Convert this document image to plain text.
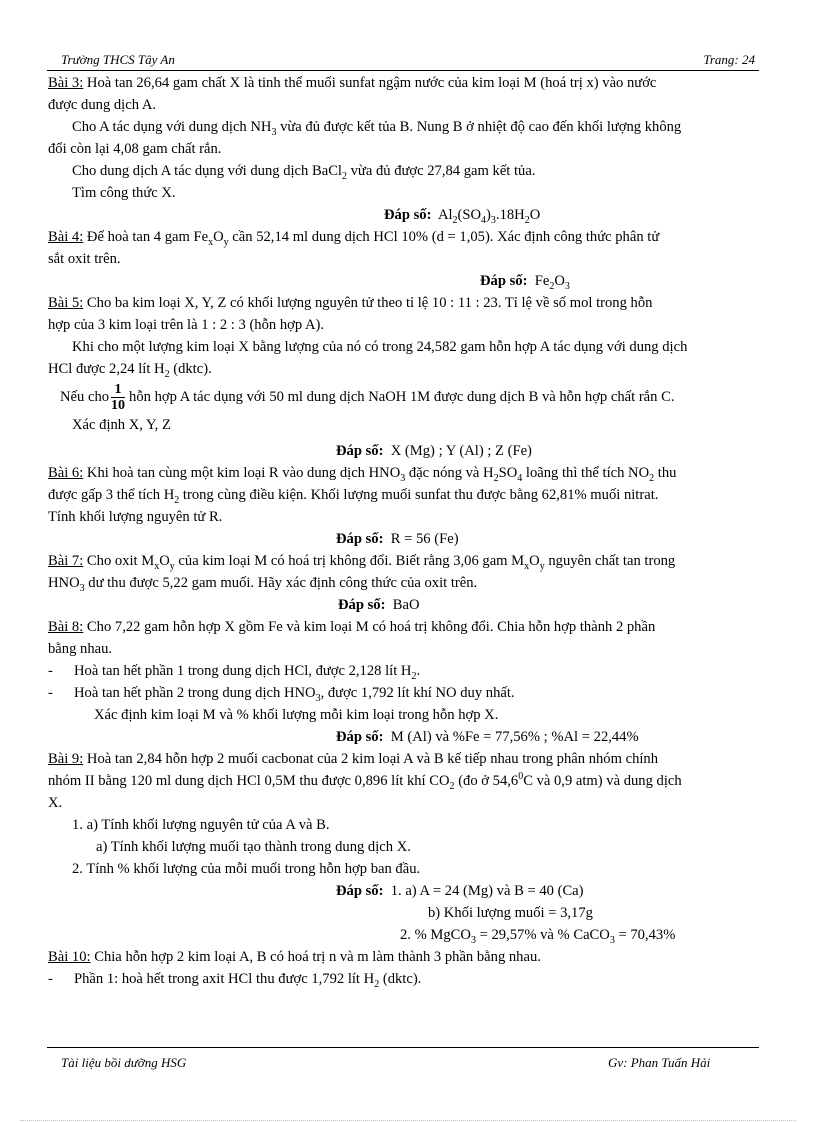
Trường THCS Tây An	Trang: 24

Bài 3: Hoà tan 26,64 gam chất X là tinh thể muối sunfat ngậm nước của kim loại M (hoá trị x) vào nước

được dung dịch A.

Cho A tác dụng với dung dịch $NH_3$ vừa đủ được kết tủa B. Nung B ở nhiệt độ cao đến khối lượng không

đổi còn lại 4,08 gam chất rắn.

Cho dung dịch A tác dụng với dung dịch BaCl$_2$ vừa đủ được 27,84 gam kết tủa.

Tìm công thức X.

Đáp số: $Al_2(SO_4)_3.18H_2O$

Bài 4: Để hoà tan 4 gam $Fe_xO_y$ cần 52,14 ml dung dịch HCl 10% (d = 1,05). Xác định công thức phân tử

sắt oxit trên.

Đáp số: $Fe_2O_3$

Bài 5: Cho ba kim loại X, Y, Z có khối lượng nguyên tử theo tỉ lệ 10 : 11 : 23. Tỉ lệ về số mol trong hỗn

hợp của 3 kim loại trên là 1 : 2 : 3 (hỗn hợp A).

Khi cho một lượng kim loại X bằng lượng của nó có trong 24,582 gam hỗn hợp A tác dụng với dung dịch

HCl được 2,24 lít $H_2$ (dktc).

Nếu cho $\frac{1}{10}$ hỗn hợp A tác dụng với 50 ml dung dịch NaOH 1M được dung dịch B và hỗn hợp chất rắn C.

Xác định X, Y, Z

Đáp số: X (Mg) ; Y (Al) ; Z (Fe)

Bài 6: Khi hoà tan cùng một kim loại R vào dung dịch $HNO_3$ đặc nóng và $H_2SO_4$ loãng thì thể tích $NO_2$ thu

được gấp 3 thể tích $H_2$ trong cùng điều kiện. Khối lượng muối sunfat thu được bằng 62,81% muối nitrat.

Tính khối lượng nguyên tử R.

Đáp số: R = 56 (Fe)

Bài 7: Cho oxit $M_xO_y$ của kim loại M có hoá trị không đổi. Biết rằng 3,06 gam $M_xO_y$ nguyên chất tan trong

$HNO_3$ dư thu được 5,22 gam muối. Hãy xác định công thức của oxit trên.

Đáp số: BaO

Bài 8: Cho 7,22 gam hỗn hợp X gồm Fe và kim loại M có hoá trị không đổi. Chia hỗn hợp thành 2 phần

bằng nhau.

- Hoà tan hết phần 1 trong dung dịch HCl, được 2,128 lít $H_2$.

- Hoà tan hết phần 2 trong dung dịch $HNO_3$, được 1,792 lít khí NO duy nhất.

Xác định kim loại M và % khối lượng mỗi kim loại trong hỗn hợp X.

Đáp số: M (Al) và %Fe = 77,56% ; %Al = 22,44%

Bài 9: Hoà tan 2,84 hỗn hợp 2 muối cacbonat của 2 kim loại A và B kế tiếp nhau trong phân nhóm chính

nhóm II bằng 120 ml dung dịch HCl 0,5M thu được 0,896 lít khí $CO_2$ (đo ở 54,6$^0$C và 0,9 atm) và dung dịch

X.

1. a) Tính khối lượng nguyên tử của A và B.

a) Tính khối lượng muối tạo thành trong dung dịch X.

2. Tính % khối lượng của mỗi muối trong hỗn hợp ban đầu.

Đáp số: 1. a) A = 24 (Mg) và B = 40 (Ca)

b) Khối lượng muối = 3,17g

2. % MgCO$_3$ = 29,57% và % CaCO$_3$ = 70,43%

Bài 10: Chia hỗn hợp 2 kim loại A, B có hoá trị n và m làm thành 3 phần bằng nhau.

- Phần 1: hoà hết trong axit HCl thu được 1,792 lít $H_2$ (dktc).

Tài liệu bồi dưỡng HSG	Gv: Phan Tuấn Hải
